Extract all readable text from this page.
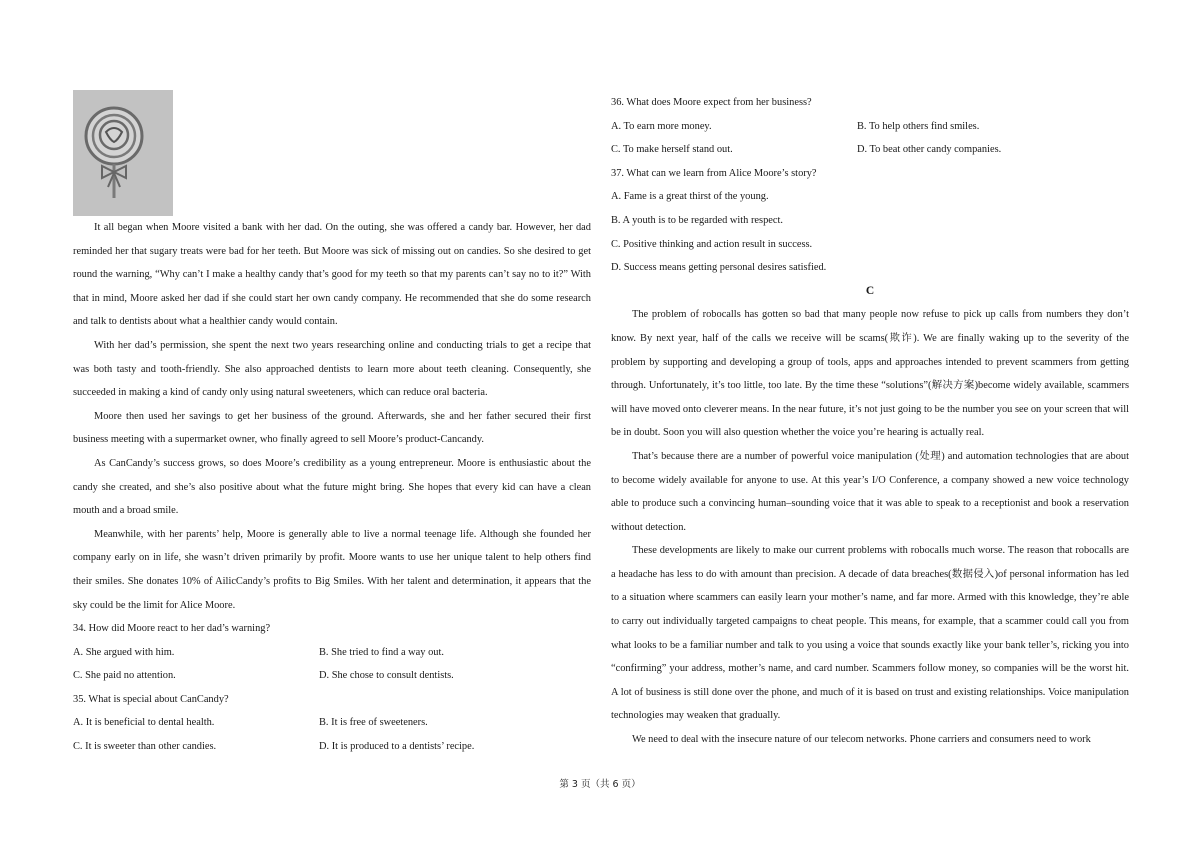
It all began when Moore visited a bank with her dad. On the outing, she was offered a candy bar. However, her dad reminded her that sugary treats were bad for her teeth. But Moore was sick of missing out on candies. So she desired to get round the warning, “Why can’t I make a healthy candy that’s good for my teeth so that my parents can’t say no to it?” With that in mind, Moore asked her dad if she could start her own candy company. He recommended that she do some research and talk to dentists about what a healthier candy would contain.

With her dad’s permission, she spent the next two years researching online and conducting trials to get a recipe that was both tasty and tooth-friendly. She also approached dentists to learn more about teeth cleaning. Consequently, she succeeded in making a kind of candy only using natural sweeteners, which can reduce oral bacteria.

Moore then used her savings to get her business of the ground. Afterwards, she and her father secured their first business meeting with a supermarket owner, who finally agreed to sell Moore’s product-Cancandy.

As CanCandy’s success grows, so does Moore’s credibility as a young entrepreneur. Moore is enthusiastic about the candy she created, and she’s also positive about what the future might bring. She hopes that every kid can have a clean mouth and a broad smile.

Meanwhile, with her parents’ help, Moore is generally able to live a normal teenage life. Although she founded her company early on in life, she wasn’t driven primarily by profit. Moore wants to use her unique talent to help others find their smiles. She donates 10% of AilicCandy’s profits to Big Smiles. With her talent and determination, it appears that the sky could be the limit for Alice Moore.

34. How did Moore react to her dad’s warning?

A. She argued with him.	B. She tried to find a way out.
C. She paid no attention.	D. She chose to consult dentists.

35. What is special about CanCandy?

A. It is beneficial to dental health.	B. It is free of sweeteners.
C. It is sweeter than other candies.	D. It is produced to a dentists’ recipe.

36. What does Moore expect from her business?

A. To earn more money.	B. To help others find smiles.
C. To make herself stand out.	D. To beat other candy companies.

37. What can we learn from Alice Moore’s story?

A. Fame is a great thirst of the young.

B. A youth is to be regarded with respect.

C. Positive thinking and action result in success.

D. Success means getting personal desires satisfied.

C

The problem of robocalls has gotten so bad that many people now refuse to pick up calls from numbers they don’t know. By next year, half of the calls we receive will be scams(欺诈). We are finally waking up to the severity of the problem by supporting and developing a group of tools, apps and approaches intended to prevent scammers from getting through. Unfortunately, it’s too little, too late. By the time these “solutions”(解决方案)become widely available, scammers will have moved onto cleverer means. In the near future, it’s not just going to be the number you see on your screen that will be in doubt. Soon you will also question whether the voice you’re hearing is actually real.

That’s because there are a number of powerful voice manipulation (处理) and automation technologies that are about to become widely available for anyone to use. At this year’s I/O Conference, a company showed a new voice technology able to produce such a convincing human–sounding voice that it was able to speak to a receptionist and book a reservation without detection.

These developments are likely to make our current problems with robocalls much worse. The reason that robocalls are a headache has less to do with amount than precision. A decade of data breaches(数据侵入)of personal information has led to a situation where scammers can easily learn your mother’s name, and far more. Armed with this knowledge, they’re able to carry out individually targeted campaigns to cheat people. This means, for example, that a scammer could call you from what looks to be a familiar number and talk to you using a voice that sounds exactly like your bank teller’s, ricking you into “confirming” your address, mother’s name, and card number. Scammers follow money, so companies will be the worst hit. A lot of business is still done over the phone, and much of it is based on trust and existing relationships. Voice manipulation technologies may weaken that gradually.

We need to deal with the insecure nature of our telecom networks. Phone carriers and consumers need to work

第 3 页（共 6 页）
